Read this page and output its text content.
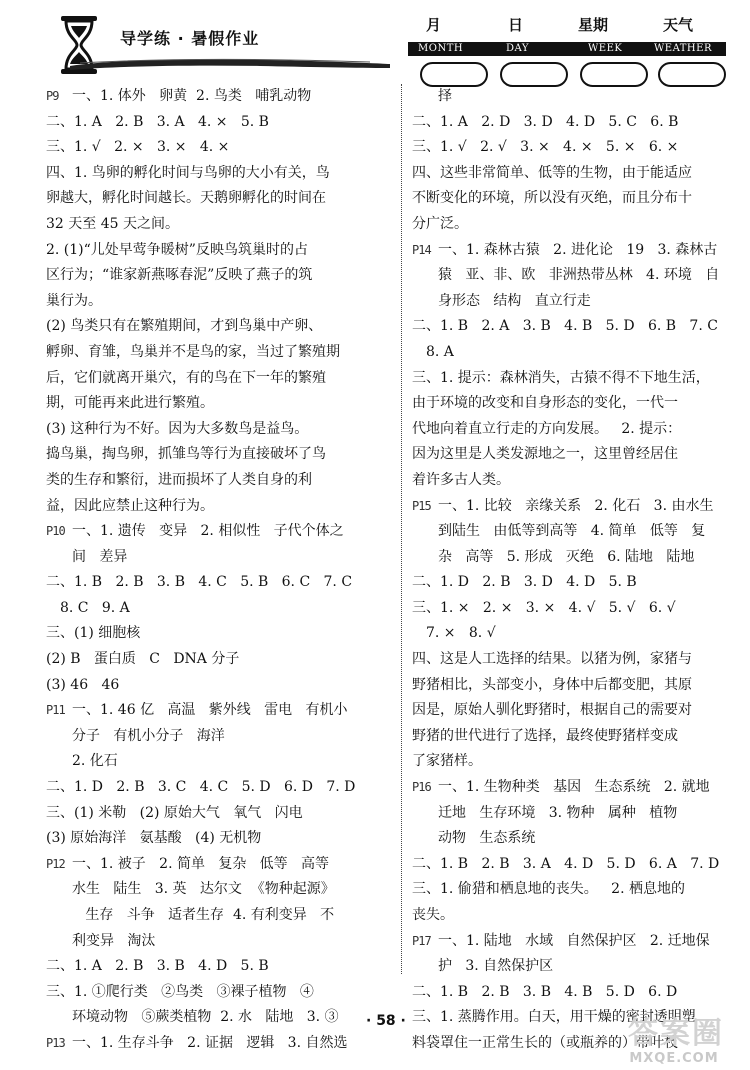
导学练 · 暑假作业
月	日	星期	天气
MONTH	DAY	WEEK	WEATHER
P9 一、1. 体外   卵黄  2. 鸟类   哺乳动物
二、1. A   2. B   3. A   4. ×   5. B
三、1. √   2. ×   3. ×   4. ×
四、1. 鸟卵的孵化时间与鸟卵的大小有关，鸟
卵越大，孵化时间越长。天鹅卵孵化的时间在
32 天至 45 天之间。
2. (1)“儿处早莺争暖树”反映鸟筑巢时的占
区行为；“谁家新燕啄春泥”反映了燕子的筑
巢行为。
(2) 鸟类只有在繁殖期间，才到鸟巢中产卵、
孵卵、育雏，鸟巢并不是鸟的家，当过了繁殖期
后，它们就离开巢穴，有的鸟在下一年的繁殖
期，可能再来此进行繁殖。
(3) 这种行为不好。因为大多数鸟是益鸟。
捣鸟巢，掏鸟卵，抓雏鸟等行为直接破坏了鸟
类的生存和繁衍，进而损坏了人类自身的利
益，因此应禁止这种行为。
P10 一、1. 遗传   变异   2. 相似性   子代个体之
间   差异
二、1. B   2. B   3. B   4. C   5. B   6. C   7. C
8. C   9. A
三、(1) 细胞核
(2) B   蛋白质   C   DNA 分子
(3) 46   46
P11 一、1. 46 亿   高温   紫外线   雷电   有机小
分子   有机小分子   海洋
2. 化石
二、1. D   2. B   3. C   4. C   5. D   6. D   7. D
三、(1) 米勒   (2) 原始大气   氧气   闪电
(3) 原始海洋   氨基酸   (4) 无机物
P12 一、1. 被子   2. 简单   复杂   低等   高等
水生   陆生   3. 英   达尔文  《物种起源》
生存   斗争   适者生存  4. 有利变异   不
利变异   淘汰
二、1. A   2. B   3. B   4. D   5. B
三、1. ①爬行类   ②鸟类   ③裸子植物   ④
环境动物   ⑤蕨类植物  2. 水   陆地   3. ③
P13 一、1. 生存斗争   2. 证据   逻辑   3. 自然选
择
二、1. A   2. D   3. D   4. D   5. C   6. B
三、1. √   2. √   3. ×   4. ×   5. ×   6. ×
四、这些非常简单、低等的生物，由于能适应
不断变化的环境，所以没有灭绝，而且分布十
分广泛。
P14 一、1. 森林古猿   2. 进化论   19   3. 森林古
猿   亚、非、欧   非洲热带丛林   4. 环境   自
身形态   结构   直立行走
二、1. B   2. A   3. B   4. B   5. D   6. B   7. C
8. A
三、1. 提示：森林消失，古猿不得不下地生活，
由于环境的改变和自身形态的变化，一代一
代地向着直立行走的方向发展。   2. 提示：
因为这里是人类发源地之一，这里曾经居住
着许多古人类。
P15 一、1. 比较   亲缘关系   2. 化石   3. 由水生
到陆生   由低等到高等   4. 简单   低等   复
杂   高等   5. 形成   灭绝   6. 陆地   陆地
二、1. D   2. B   3. D   4. D   5. B
三、1. ×   2. ×   3. ×   4. √   5. √   6. √
7. ×   8. √
四、这是人工选择的结果。以猪为例，家猪与
野猪相比，头部变小，身体中后都变肥，其原
因是，原始人驯化野猪时，根据自己的需要对
野猪的世代进行了选择，最终使野猪样变成
了家猪样。
P16 一、1. 生物种类   基因   生态系统   2. 就地
迁地   生存环境   3. 物种   属种   植物
动物   生态系统
二、1. B   2. B   3. A   4. D   5. D   6. A   7. D
三、1. 偷猎和栖息地的丧失。   2. 栖息地的
丧失。
P17 一、1. 陆地   水域   自然保护区   2. 迁地保
护   3. 自然保护区
二、1. B   2. B   3. B   4. B   5. D   6. D
三、1. 蒸腾作用。白天，用干燥的密封透明塑
料袋罩住一正常生长的（或瓶养的）带叶枝
· 58 ·	答案圈
MXQE.COM
